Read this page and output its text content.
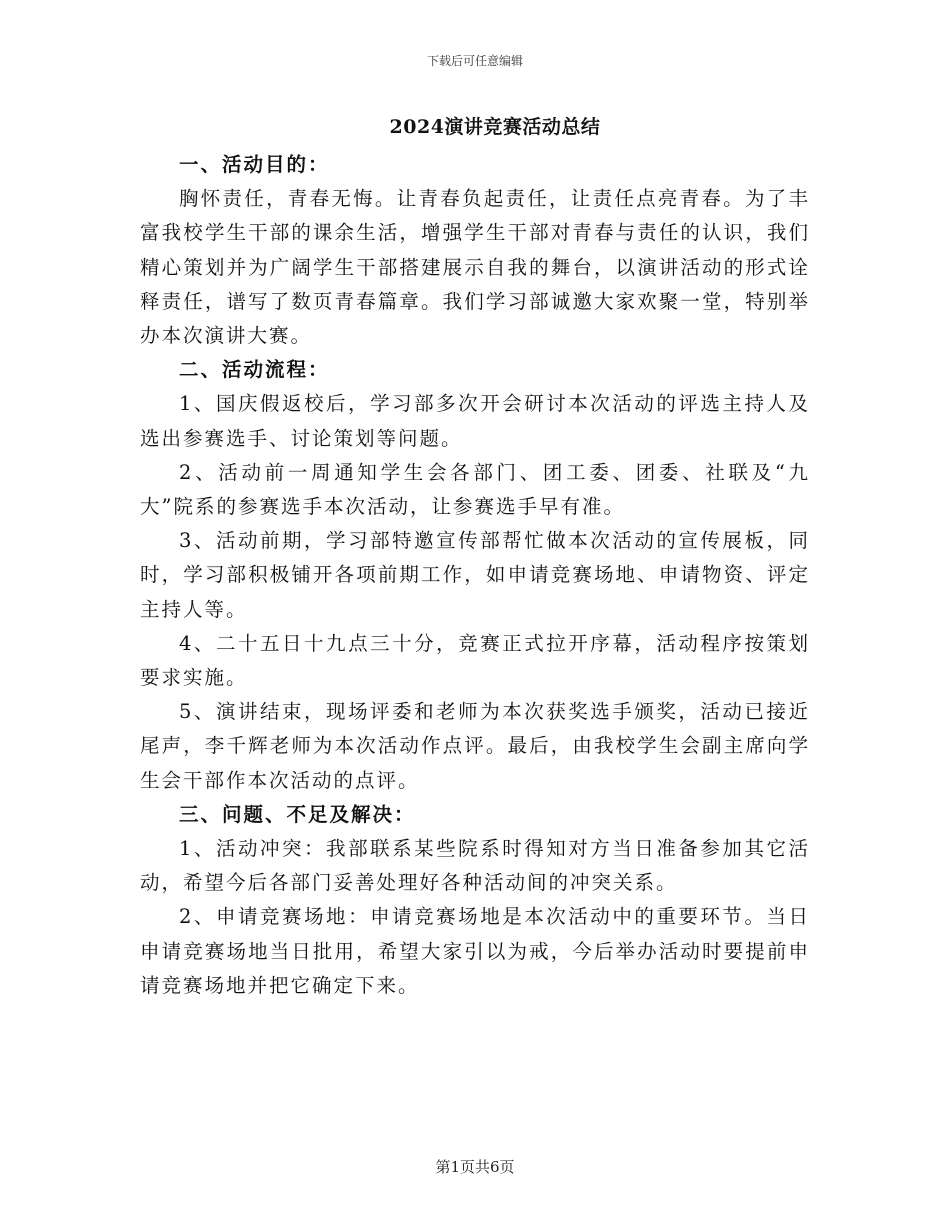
下载后可任意编辑
2024演讲竞赛活动总结

一、活动目的：

胸怀责任，青春无悔。让青春负起责任，让责任点亮青春。为了丰富我校学生干部的课余生活，增强学生干部对青春与责任的认识，我们精心策划并为广阔学生干部搭建展示自我的舞台，以演讲活动的形式诠释责任，谱写了数页青春篇章。我们学习部诚邀大家欢聚一堂，特别举办本次演讲大赛。

二、活动流程：

1、国庆假返校后，学习部多次开会研讨本次活动的评选主持人及选出参赛选手、讨论策划等问题。

2、活动前一周通知学生会各部门、团工委、团委、社联及“九大”院系的参赛选手本次活动，让参赛选手早有准。

3、活动前期，学习部特邀宣传部帮忙做本次活动的宣传展板，同时，学习部积极铺开各项前期工作，如申请竞赛场地、申请物资、评定主持人等。

4、二十五日十九点三十分，竞赛正式拉开序幕，活动程序按策划要求实施。

5、演讲结束，现场评委和老师为本次获奖选手颁奖，活动已接近尾声，李千辉老师为本次活动作点评。最后，由我校学生会副主席向学生会干部作本次活动的点评。

三、问题、不足及解决：

1、活动冲突：我部联系某些院系时得知对方当日准备参加其它活动，希望今后各部门妥善处理好各种活动间的冲突关系。

2、申请竞赛场地：申请竞赛场地是本次活动中的重要环节。当日申请竞赛场地当日批用，希望大家引以为戒，今后举办活动时要提前申请竞赛场地并把它确定下来。

第1页共6页
